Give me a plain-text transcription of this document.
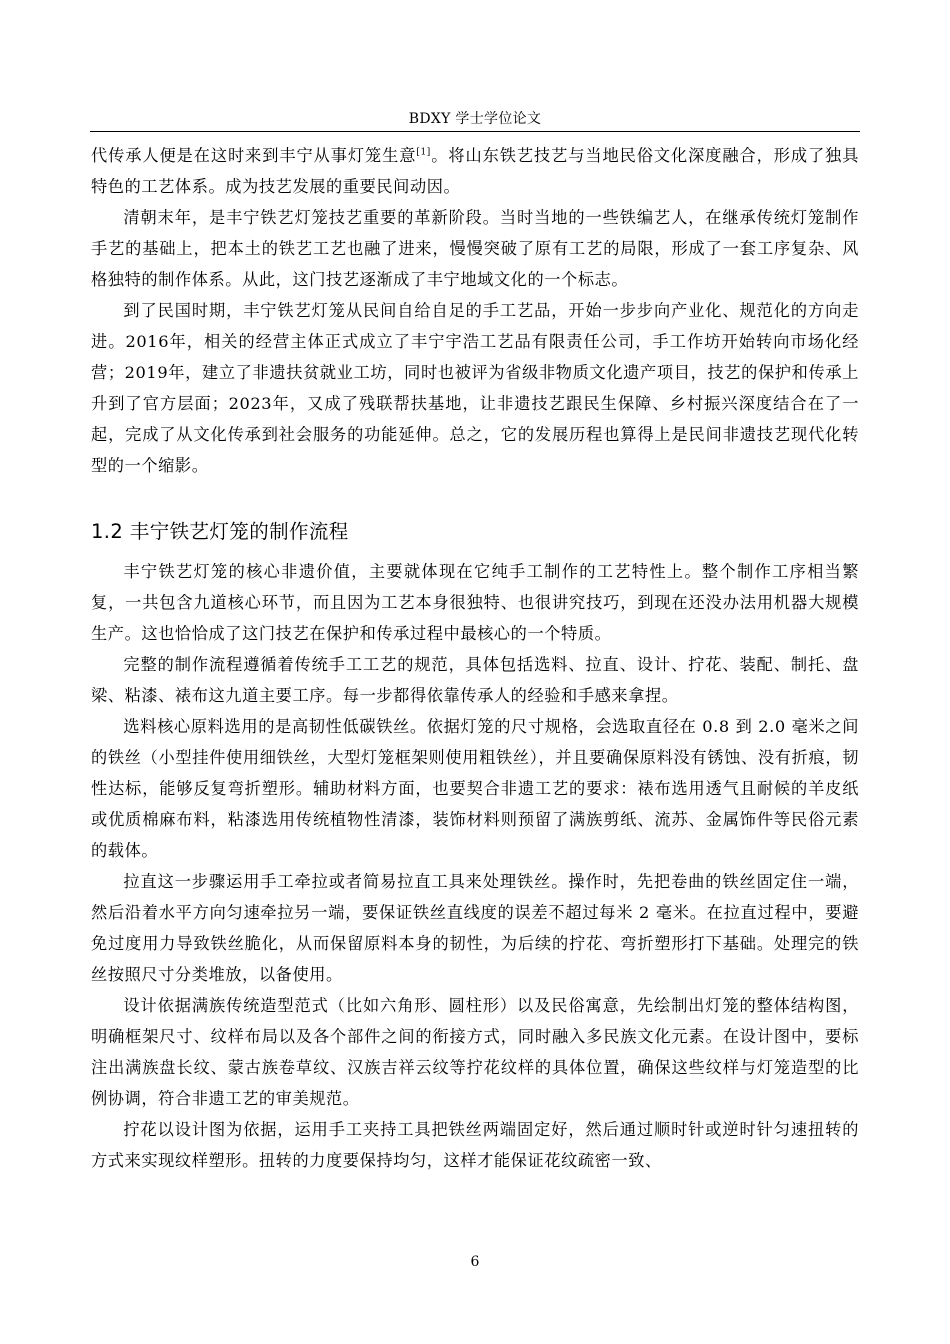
BDXY 学士学位论文

代传承人便是在这时来到丰宁从事灯笼生意[1]。将山东铁艺技艺与当地民俗文化深度融合，形成了独具特色的工艺体系。成为技艺发展的重要民间动因。

清朝末年，是丰宁铁艺灯笼技艺重要的革新阶段。当时当地的一些铁编艺人，在继承传统灯笼制作手艺的基础上，把本土的铁艺工艺也融了进来，慢慢突破了原有工艺的局限，形成了一套工序复杂、风格独特的制作体系。从此，这门技艺逐渐成了丰宁地域文化的一个标志。

到了民国时期，丰宁铁艺灯笼从民间自给自足的手工艺品，开始一步步向产业化、规范化的方向走进。2016年，相关的经营主体正式成立了丰宁宇浩工艺品有限责任公司，手工作坊开始转向市场化经营；2019年，建立了非遗扶贫就业工坊，同时也被评为省级非物质文化遗产项目，技艺的保护和传承上升到了官方层面；2023年，又成了残联帮扶基地，让非遗技艺跟民生保障、乡村振兴深度结合在了一起，完成了从文化传承到社会服务的功能延伸。总之，它的发展历程也算得上是民间非遗技艺现代化转型的一个缩影。

1.2 丰宁铁艺灯笼的制作流程

丰宁铁艺灯笼的核心非遗价值，主要就体现在它纯手工制作的工艺特性上。整个制作工序相当繁复，一共包含九道核心环节，而且因为工艺本身很独特、也很讲究技巧，到现在还没办法用机器大规模生产。这也恰恰成了这门技艺在保护和传承过程中最核心的一个特质。

完整的制作流程遵循着传统手工工艺的规范，具体包括选料、拉直、设计、拧花、装配、制托、盘梁、粘漆、裱布这九道主要工序。每一步都得依靠传承人的经验和手感来拿捏。

选料核心原料选用的是高韧性低碳铁丝。依据灯笼的尺寸规格，会选取直径在 0.8 到 2.0 毫米之间的铁丝（小型挂件使用细铁丝，大型灯笼框架则使用粗铁丝），并且要确保原料没有锈蚀、没有折痕，韧性达标，能够反复弯折塑形。辅助材料方面，也要契合非遗工艺的要求：裱布选用透气且耐候的羊皮纸或优质棉麻布料，粘漆选用传统植物性清漆，装饰材料则预留了满族剪纸、流苏、金属饰件等民俗元素的载体。

拉直这一步骤运用手工牵拉或者简易拉直工具来处理铁丝。操作时，先把卷曲的铁丝固定住一端，然后沿着水平方向匀速牵拉另一端，要保证铁丝直线度的误差不超过每米 2 毫米。在拉直过程中，要避免过度用力导致铁丝脆化，从而保留原料本身的韧性，为后续的拧花、弯折塑形打下基础。处理完的铁丝按照尺寸分类堆放，以备使用。

设计依据满族传统造型范式（比如六角形、圆柱形）以及民俗寓意，先绘制出灯笼的整体结构图，明确框架尺寸、纹样布局以及各个部件之间的衔接方式，同时融入多民族文化元素。在设计图中，要标注出满族盘长纹、蒙古族卷草纹、汉族吉祥云纹等拧花纹样的具体位置，确保这些纹样与灯笼造型的比例协调，符合非遗工艺的审美规范。

拧花以设计图为依据，运用手工夹持工具把铁丝两端固定好，然后通过顺时针或逆时针匀速扭转的方式来实现纹样塑形。扭转的力度要保持均匀，这样才能保证花纹疏密一致、

6
